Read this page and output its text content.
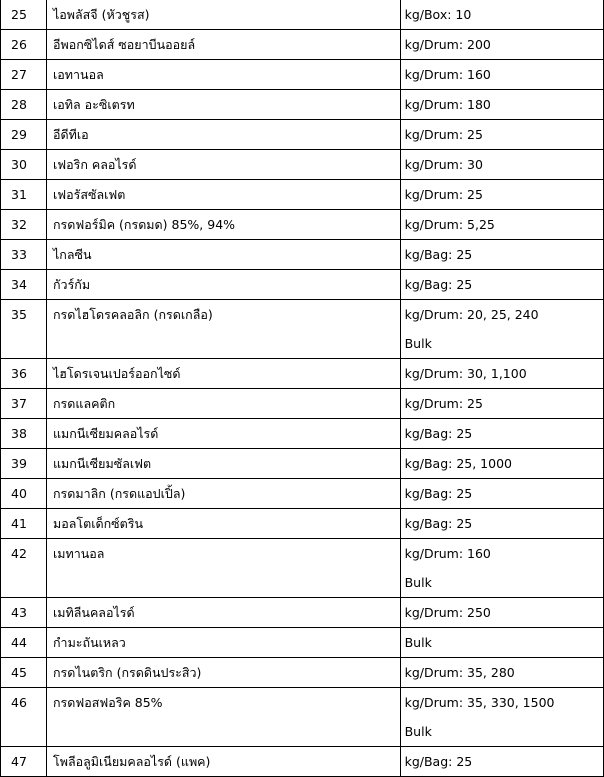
25	ไอพลัสจี (หัวชูรส)	kg/Box: 10

26	อีพอกซิไดส์ ซอยาบีนออยล์	kg/Drum: 200

27	เอทานอล	kg/Drum: 160

28	เอทิล อะซิเตรท	kg/Drum: 180

29	อีดีทีเอ	kg/Drum: 25

30	เฟอริก คลอไรด์	kg/Drum: 30

31	เฟอรัสซัลเฟต	kg/Drum: 25

32	กรดฟอร์มิค (กรดมด) 85%, 94%	kg/Drum: 5,25

33	ไกลซีน	kg/Bag: 25

34	กัวร์กัม	kg/Bag: 25

35	กรดไฮโดรคลอลิก (กรดเกลือ)	kg/Drum: 20, 25, 240
Bulk

36	ไฮโดรเจนเปอร์ออกไซด์	kg/Drum: 30, 1,100

37	กรดแลคติก	kg/Drum: 25

38	แมกนีเซียมคลอไรด์	kg/Bag: 25

39	แมกนีเซียมซัลเฟต	kg/Bag: 25, 1000

40	กรดมาลิก (กรดแอปเปิ้ล)	kg/Bag: 25

41	มอลโตเด็กซ์ตริน	kg/Bag: 25

42	เมทานอล	kg/Drum: 160
Bulk

43	เมทิลีนคลอไรด์	kg/Drum: 250

44	กำมะถันเหลว	Bulk

45	กรดไนตริก (กรดดินประสิว)	kg/Drum: 35, 280

46	กรดฟอสฟอริค 85%	kg/Drum: 35, 330, 1500
Bulk

47	โพลีอลูมิเนียมคลอไรด์ (แพค)	kg/Bag: 25
